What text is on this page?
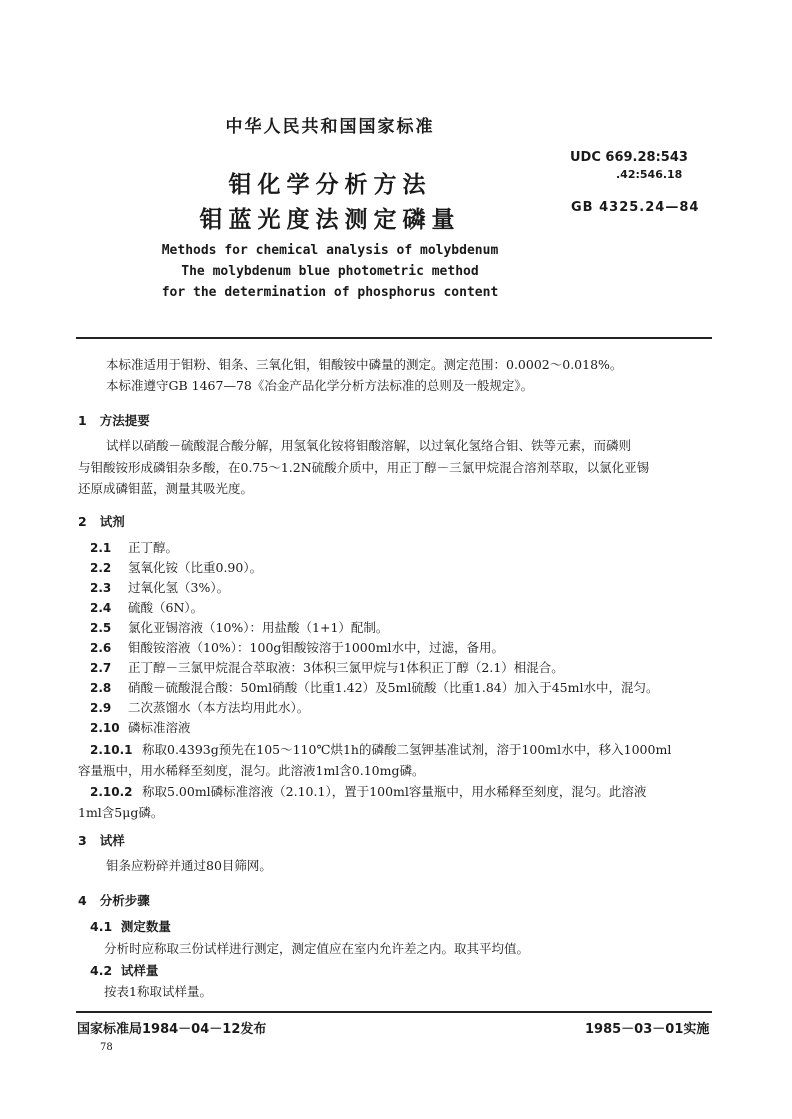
中华人民共和国国家标准
钼化学分析方法
钼蓝光度法测定磷量
UDC 669.28:543
.42:546.18
GB 4325.24—84
Methods for chemical analysis of molybdenum
The molybdenum blue photometric method
for the determination of phosphorus content
本标准适用于钼粉、钼条、三氧化钼，钼酸铵中磷量的测定。测定范围：0.0002～0.018%。
本标准遵守GB 1467—78《冶金产品化学分析方法标准的总则及一般规定》。
1 方法提要
试样以硝酸－硫酸混合酸分解，用氢氧化铵将钼酸溶解，以过氧化氢络合钼、铁等元素，而磷则
与钼酸铵形成磷钼杂多酸，在0.75～1.2N硫酸介质中，用正丁醇－三氯甲烷混合溶剂萃取，以氯化亚锡
还原成磷钼蓝，测量其吸光度。
2 试剂
2.1 正丁醇。
2.2 氢氧化铵（比重0.90）。
2.3 过氧化氢（3%）。
2.4 硫酸（6N）。
2.5 氯化亚锡溶液（10%）：用盐酸（1+1）配制。
2.6 钼酸铵溶液（10%）：100g钼酸铵溶于1000ml水中，过滤，备用。
2.7 正丁醇－三氯甲烷混合萃取液：3体积三氯甲烷与1体积正丁醇（2.1）相混合。
2.8 硝酸－硫酸混合酸：50ml硝酸（比重1.42）及5ml硫酸（比重1.84）加入于45ml水中，混匀。
2.9 二次蒸馏水（本方法均用此水）。
2.10 磷标准溶液
2.10.1 称取0.4393g预先在105～110℃烘1h的磷酸二氢钾基准试剂，溶于100ml水中，移入1000ml
容量瓶中，用水稀释至刻度，混匀。此溶液1ml含0.10mg磷。
2.10.2 称取5.00ml磷标准溶液（2.10.1），置于100ml容量瓶中，用水稀释至刻度，混匀。此溶液
1ml含5μg磷。
3 试样
钼条应粉碎并通过80目筛网。
4 分析步骤
4.1 测定数量
分析时应称取三份试样进行测定，测定值应在室内允许差之内。取其平均值。
4.2 试样量
按表1称取试样量。
国家标准局1984－04－12发布	1985－03－01实施
78
